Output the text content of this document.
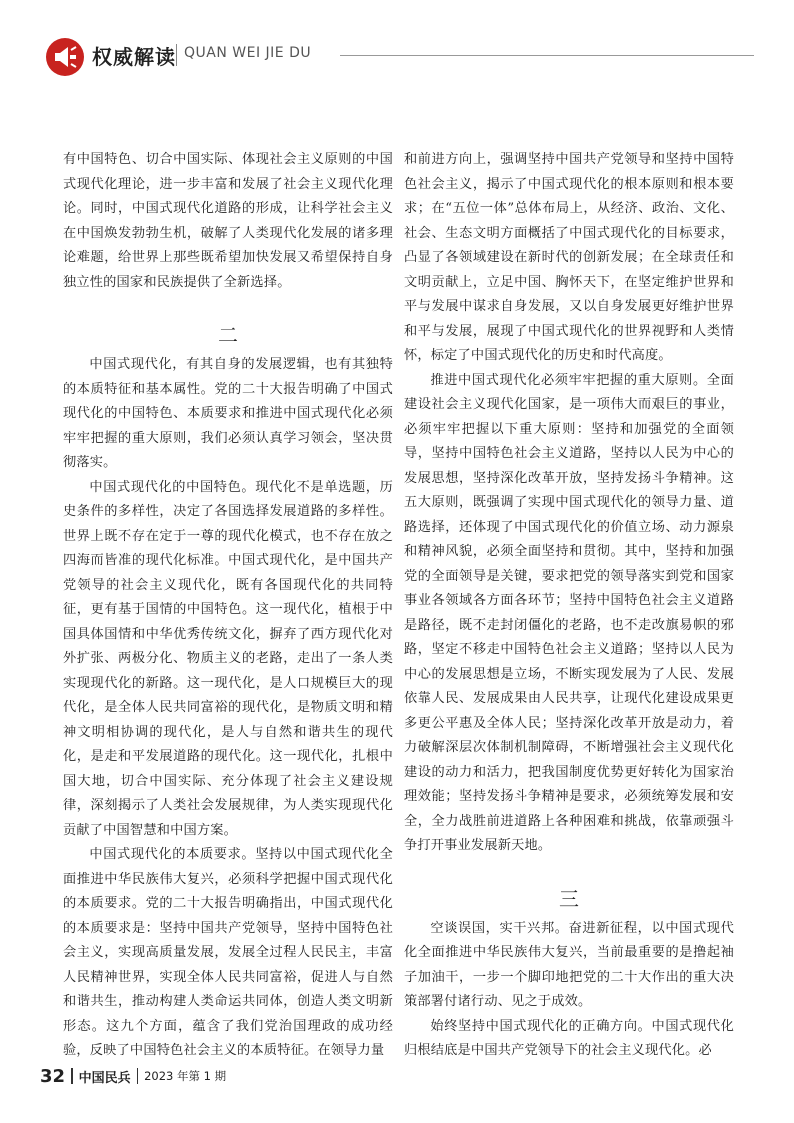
权威解读 QUAN WEI JIE DU

有中国特色、切合中国实际、体现社会主义原则的中国式现代化理论，进一步丰富和发展了社会主义现代化理论。同时，中国式现代化道路的形成，让科学社会主义在中国焕发勃勃生机，破解了人类现代化发展的诸多理论难题，给世界上那些既希望加快发展又希望保持自身独立性的国家和民族提供了全新选择。

二

中国式现代化，有其自身的发展逻辑，也有其独特的本质特征和基本属性。党的二十大报告明确了中国式现代化的中国特色、本质要求和推进中国式现代化必须牢牢把握的重大原则，我们必须认真学习领会，坚决贯彻落实。

中国式现代化的中国特色。现代化不是单选题，历史条件的多样性，决定了各国选择发展道路的多样性。世界上既不存在定于一尊的现代化模式，也不存在放之四海而皆准的现代化标准。中国式现代化，是中国共产党领导的社会主义现代化，既有各国现代化的共同特征，更有基于国情的中国特色。这一现代化，植根于中国具体国情和中华优秀传统文化，摒弃了西方现代化对外扩张、两极分化、物质主义的老路，走出了一条人类实现现代化的新路。这一现代化，是人口规模巨大的现代化，是全体人民共同富裕的现代化，是物质文明和精神文明相协调的现代化，是人与自然和谐共生的现代化，是走和平发展道路的现代化。这一现代化，扎根中国大地，切合中国实际、充分体现了社会主义建设规律，深刻揭示了人类社会发展规律，为人类实现现代化贡献了中国智慧和中国方案。

中国式现代化的本质要求。坚持以中国式现代化全面推进中华民族伟大复兴，必须科学把握中国式现代化的本质要求。党的二十大报告明确指出，中国式现代化的本质要求是：坚持中国共产党领导，坚持中国特色社会主义，实现高质量发展，发展全过程人民民主，丰富人民精神世界，实现全体人民共同富裕，促进人与自然和谐共生，推动构建人类命运共同体，创造人类文明新形态。这九个方面，蕴含了我们党治国理政的成功经验，反映了中国特色社会主义的本质特征。在领导力量

和前进方向上，强调坚持中国共产党领导和坚持中国特色社会主义，揭示了中国式现代化的根本原则和根本要求；在“五位一体”总体布局上，从经济、政治、文化、社会、生态文明方面概括了中国式现代化的目标要求，凸显了各领域建设在新时代的创新发展；在全球责任和文明贡献上，立足中国、胸怀天下，在坚定维护世界和平与发展中谋求自身发展，又以自身发展更好维护世界和平与发展，展现了中国式现代化的世界视野和人类情怀，标定了中国式现代化的历史和时代高度。

推进中国式现代化必须牢牢把握的重大原则。全面建设社会主义现代化国家，是一项伟大而艰巨的事业，必须牢牢把握以下重大原则：坚持和加强党的全面领导，坚持中国特色社会主义道路，坚持以人民为中心的发展思想，坚持深化改革开放，坚持发扬斗争精神。这五大原则，既强调了实现中国式现代化的领导力量、道路选择，还体现了中国式现代化的价值立场、动力源泉和精神风貌，必须全面坚持和贯彻。其中，坚持和加强党的全面领导是关键，要求把党的领导落实到党和国家事业各领域各方面各环节；坚持中国特色社会主义道路是路径，既不走封闭僵化的老路，也不走改旗易帜的邪路，坚定不移走中国特色社会主义道路；坚持以人民为中心的发展思想是立场，不断实现发展为了人民、发展依靠人民、发展成果由人民共享，让现代化建设成果更多更公平惠及全体人民；坚持深化改革开放是动力，着力破解深层次体制机制障碍，不断增强社会主义现代化建设的动力和活力，把我国制度优势更好转化为国家治理效能；坚持发扬斗争精神是要求，必须统筹发展和安全，全力战胜前进道路上各种困难和挑战，依靠顽强斗争打开事业发展新天地。

三

空谈误国，实干兴邦。奋进新征程，以中国式现代化全面推进中华民族伟大复兴，当前最重要的是撸起袖子加油干，一步一个脚印地把党的二十大作出的重大决策部署付诸行动、见之于成效。

始终坚持中国式现代化的正确方向。中国式现代化归根结底是中国共产党领导下的社会主义现代化。必

32 中国民兵 2023 年第 1 期
